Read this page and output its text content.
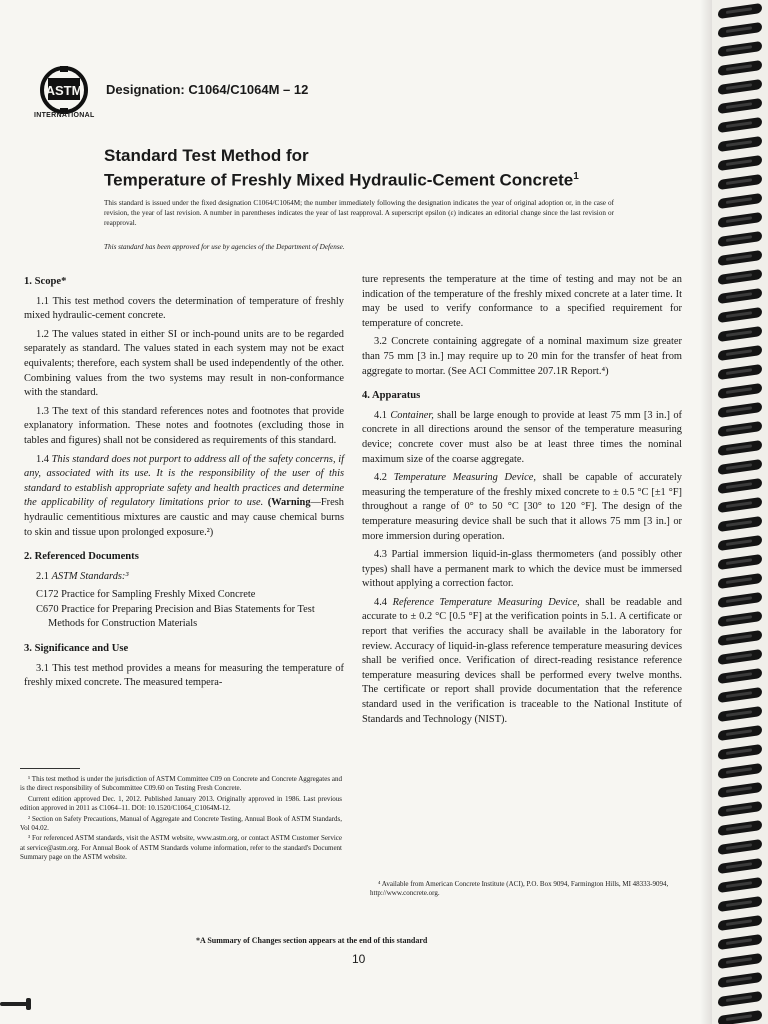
ASTM
INTERNATIONAL
Designation: C1064/C1064M – 12
Standard Test Method for
Temperature of Freshly Mixed Hydraulic-Cement Concrete$^1$
This standard is issued under the fixed designation C1064/C1064M; the number immediately following the designation indicates the year of original adoption or, in the case of revision, the year of last revision. A number in parentheses indicates the year of last reapproval. A superscript epsilon (ε) indicates an editorial change since the last revision or reapproval.
This standard has been approved for use by agencies of the Department of Defense.
1. Scope*

1.1 This test method covers the determination of temperature of freshly mixed hydraulic-cement concrete.

1.2 The values stated in either SI or inch-pound units are to be regarded separately as standard. The values stated in each system may not be exact equivalents; therefore, each system shall be used independently of the other. Combining values from the two systems may result in non-conformance with the standard.

1.3 The text of this standard references notes and footnotes that provide explanatory information. These notes and footnotes (excluding those in tables and figures) shall not be considered as requirements of this standard.

1.4 This standard does not purport to address all of the safety concerns, if any, associated with its use. It is the responsibility of the user of this standard to establish appropriate safety and health practices and determine the applicability of regulatory limitations prior to use. (Warning—Fresh hydraulic cementitious mixtures are caustic and may cause chemical burns to skin and tissue upon prolonged exposure.²)

2. Referenced Documents

2.1 ASTM Standards:³

C172 Practice for Sampling Freshly Mixed Concrete
C670 Practice for Preparing Precision and Bias Statements for Test Methods for Construction Materials
3. Significance and Use

3.1 This test method provides a means for measuring the temperature of freshly mixed concrete. The measured tempera-

ture represents the temperature at the time of testing and may not be an indication of the temperature of the freshly mixed concrete at a later time. It may be used to verify conformance to a specified requirement for temperature of concrete.

3.2 Concrete containing aggregate of a nominal maximum size greater than 75 mm [3 in.] may require up to 20 min for the transfer of heat from aggregate to mortar. (See ACI Committee 207.1R Report.⁴)

4. Apparatus

4.1 Container, shall be large enough to provide at least 75 mm [3 in.] of concrete in all directions around the sensor of the temperature measuring device; concrete cover must also be at least three times the nominal maximum size of the coarse aggregate.

4.2 Temperature Measuring Device, shall be capable of accurately measuring the temperature of the freshly mixed concrete to ± 0.5 °C [±1 °F] throughout a range of 0° to 50 °C [30° to 120 °F]. The design of the temperature measuring device shall be such that it allows 75 mm [3 in.] or more immersion during operation.

4.3 Partial immersion liquid-in-glass thermometers (and possibly other types) shall have a permanent mark to which the device must be immersed without applying a correction factor.

4.4 Reference Temperature Measuring Device, shall be readable and accurate to ± 0.2 °C [0.5 °F] at the verification points in 5.1. A certificate or report that verifies the accuracy shall be available in the laboratory for review. Accuracy of liquid-in-glass reference temperature measuring devices shall be verified once. Verification of direct-reading resistance reference temperature measuring devices shall be performed every twelve months. The certificate or report shall provide documentation that the reference standard used in the verification is traceable to the National Institute of Standards and Technology (NIST).

¹ This test method is under the jurisdiction of ASTM Committee C09 on Concrete and Concrete Aggregates and is the direct responsibility of Subcommittee C09.60 on Testing Fresh Concrete.

Current edition approved Dec. 1, 2012. Published January 2013. Originally approved in 1986. Last previous edition approved in 2011 as C1064–11. DOI: 10.1520/C1064_C1064M-12.

² Section on Safety Precautions, Manual of Aggregate and Concrete Testing, Annual Book of ASTM Standards, Vol 04.02.

³ For referenced ASTM standards, visit the ASTM website, www.astm.org, or contact ASTM Customer Service at service@astm.org. For Annual Book of ASTM Standards volume information, refer to the standard's Document Summary page on the ASTM website.

⁴ Available from American Concrete Institute (ACI), P.O. Box 9094, Farmington Hills, MI 48333-9094, http://www.concrete.org.
*A Summary of Changes section appears at the end of this standard
10
